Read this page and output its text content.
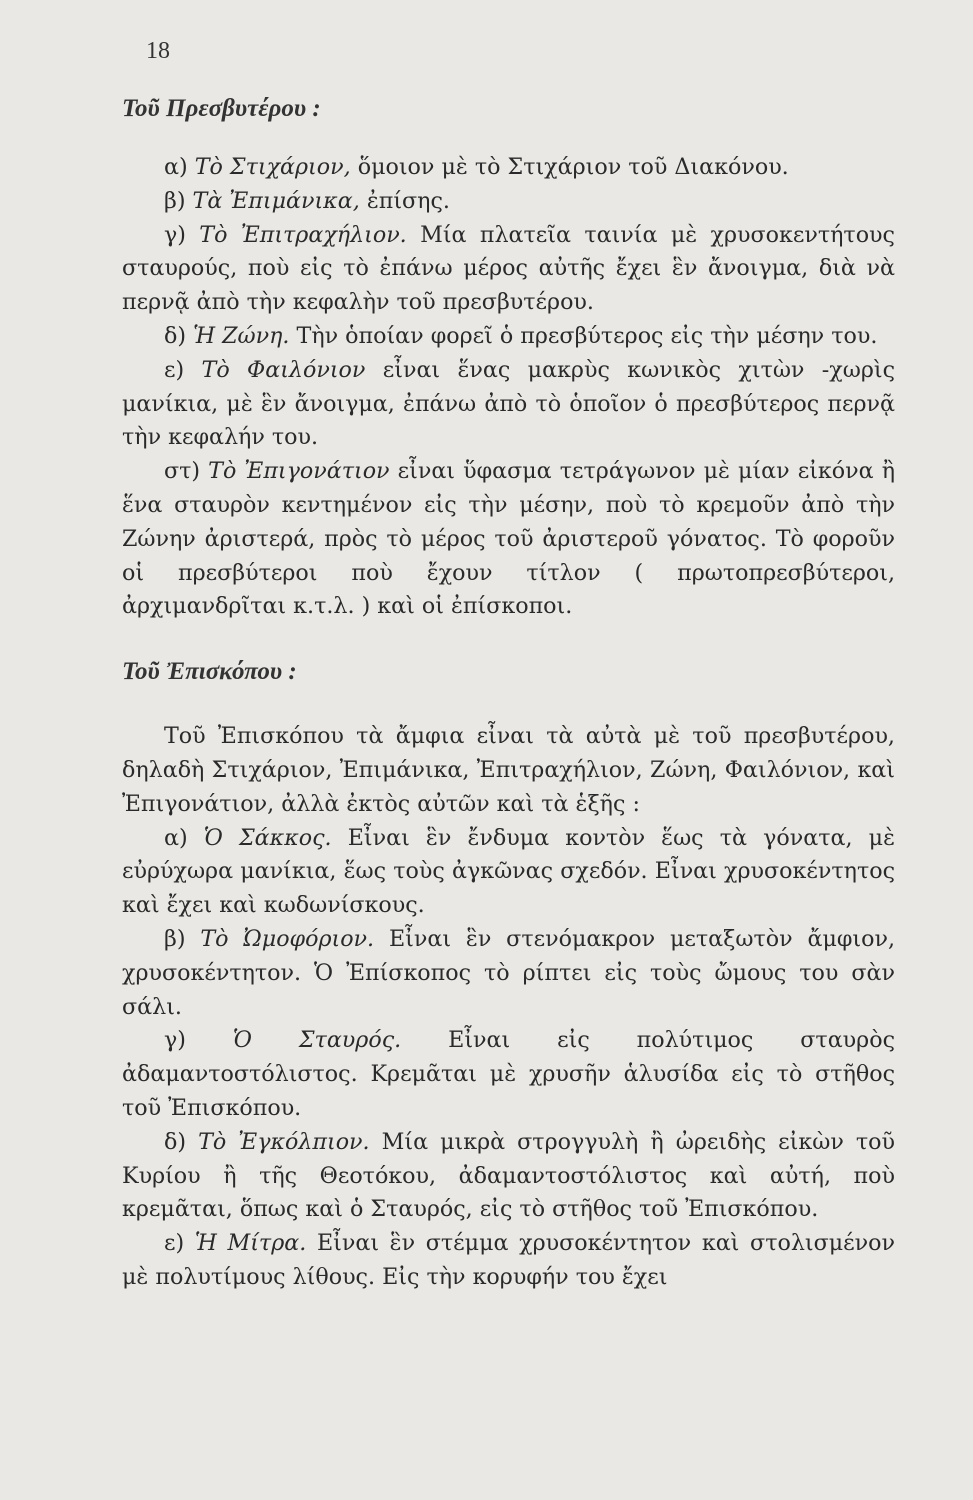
18
Τοῦ Πρεσβυτέρου :

α) Τὸ Στιχάριον, ὅμοιον μὲ τὸ Στιχάριον τοῦ Διακόνου.

β) Τὰ Ἐπιμάνικα, ἐπίσης.

γ) Τὸ Ἐπιτραχήλιον. Μία πλατεῖα ταινία μὲ χρυσοκεντήτους σταυρούς, ποὺ εἰς τὸ ἐπάνω μέρος αὐτῆς ἔχει ἓν ἄνοιγμα, διὰ νὰ περνᾷ ἀπὸ τὴν κεφαλὴν τοῦ πρεσβυτέρου.

δ) Ἡ Ζώνη. Τὴν ὁποίαν φορεῖ ὁ πρεσβύτερος εἰς τὴν μέσην του.

ε) Τὸ Φαιλόνιον εἶναι ἕνας μακρὺς κωνικὸς χιτὼν -χωρὶς μανίκια, μὲ ἓν ἄνοιγμα, ἐπάνω ἀπὸ τὸ ὁποῖον ὁ πρεσβύτερος περνᾷ τὴν κεφαλήν του.

στ) Τὸ Ἐπιγονάτιον εἶναι ὕφασμα τετράγωνον μὲ μίαν εἰκόνα ἢ ἕνα σταυρὸν κεντημένον εἰς τὴν μέσην, ποὺ τὸ κρεμοῦν ἀπὸ τὴν Ζώνην ἀριστερά, πρὸς τὸ μέρος τοῦ ἀριστεροῦ γόνατος. Τὸ φοροῦν οἱ πρεσβύτεροι ποὺ ἔχουν τίτλον ( πρωτοπρεσβύτεροι, ἀρχιμανδρῖται κ.τ.λ. ) καὶ οἱ ἐπίσκοποι.

Τοῦ Ἐπισκόπου :

Τοῦ Ἐπισκόπου τὰ ἄμφια εἶναι τὰ αὐτὰ μὲ τοῦ πρεσβυτέρου, δηλαδὴ Στιχάριον, Ἐπιμάνικα, Ἐπιτραχήλιον, Ζώνη, Φαιλόνιον, καὶ Ἐπιγονάτιον, ἀλλὰ ἐκτὸς αὐτῶν καὶ τὰ ἑξῆς :

α) Ὁ Σάκκος. Εἶναι ἓν ἔνδυμα κοντὸν ἕως τὰ γόνατα, μὲ εὐρύχωρα μανίκια, ἕως τοὺς ἀγκῶνας σχεδόν. Εἶναι χρυσοκέντητος καὶ ἔχει καὶ κωδωνίσκους.

β) Τὸ Ὠμοφόριον. Εἶναι ἓν στενόμακρον μεταξωτὸν ἄμφιον, χρυσοκέντητον. Ὁ Ἐπίσκοπος τὸ ρίπτει εἰς τοὺς ὤμους του σὰν σάλι.

γ) Ὁ Σταυρός. Εἶναι εἰς πολύτιμος σταυρὸς ἀδαμαντοστόλιστος. Κρεμᾶται μὲ χρυσῆν ἁλυσίδα εἰς τὸ στῆθος τοῦ Ἐπισκόπου.

δ) Τὸ Ἐγκόλπιον. Μία μικρὰ στρογγυλὴ ἢ ὠρειδὴς εἰκὼν τοῦ Κυρίου ἢ τῆς Θεοτόκου, ἀδαμαντοστόλιστος καὶ αὐτή, ποὺ κρεμᾶται, ὅπως καὶ ὁ Σταυρός, εἰς τὸ στῆθος τοῦ Ἐπισκόπου.

ε) Ἡ Μίτρα. Εἶναι ἓν στέμμα χρυσοκέντητον καὶ στολισμένον μὲ πολυτίμους λίθους. Εἰς τὴν κορυφήν του ἔχει
